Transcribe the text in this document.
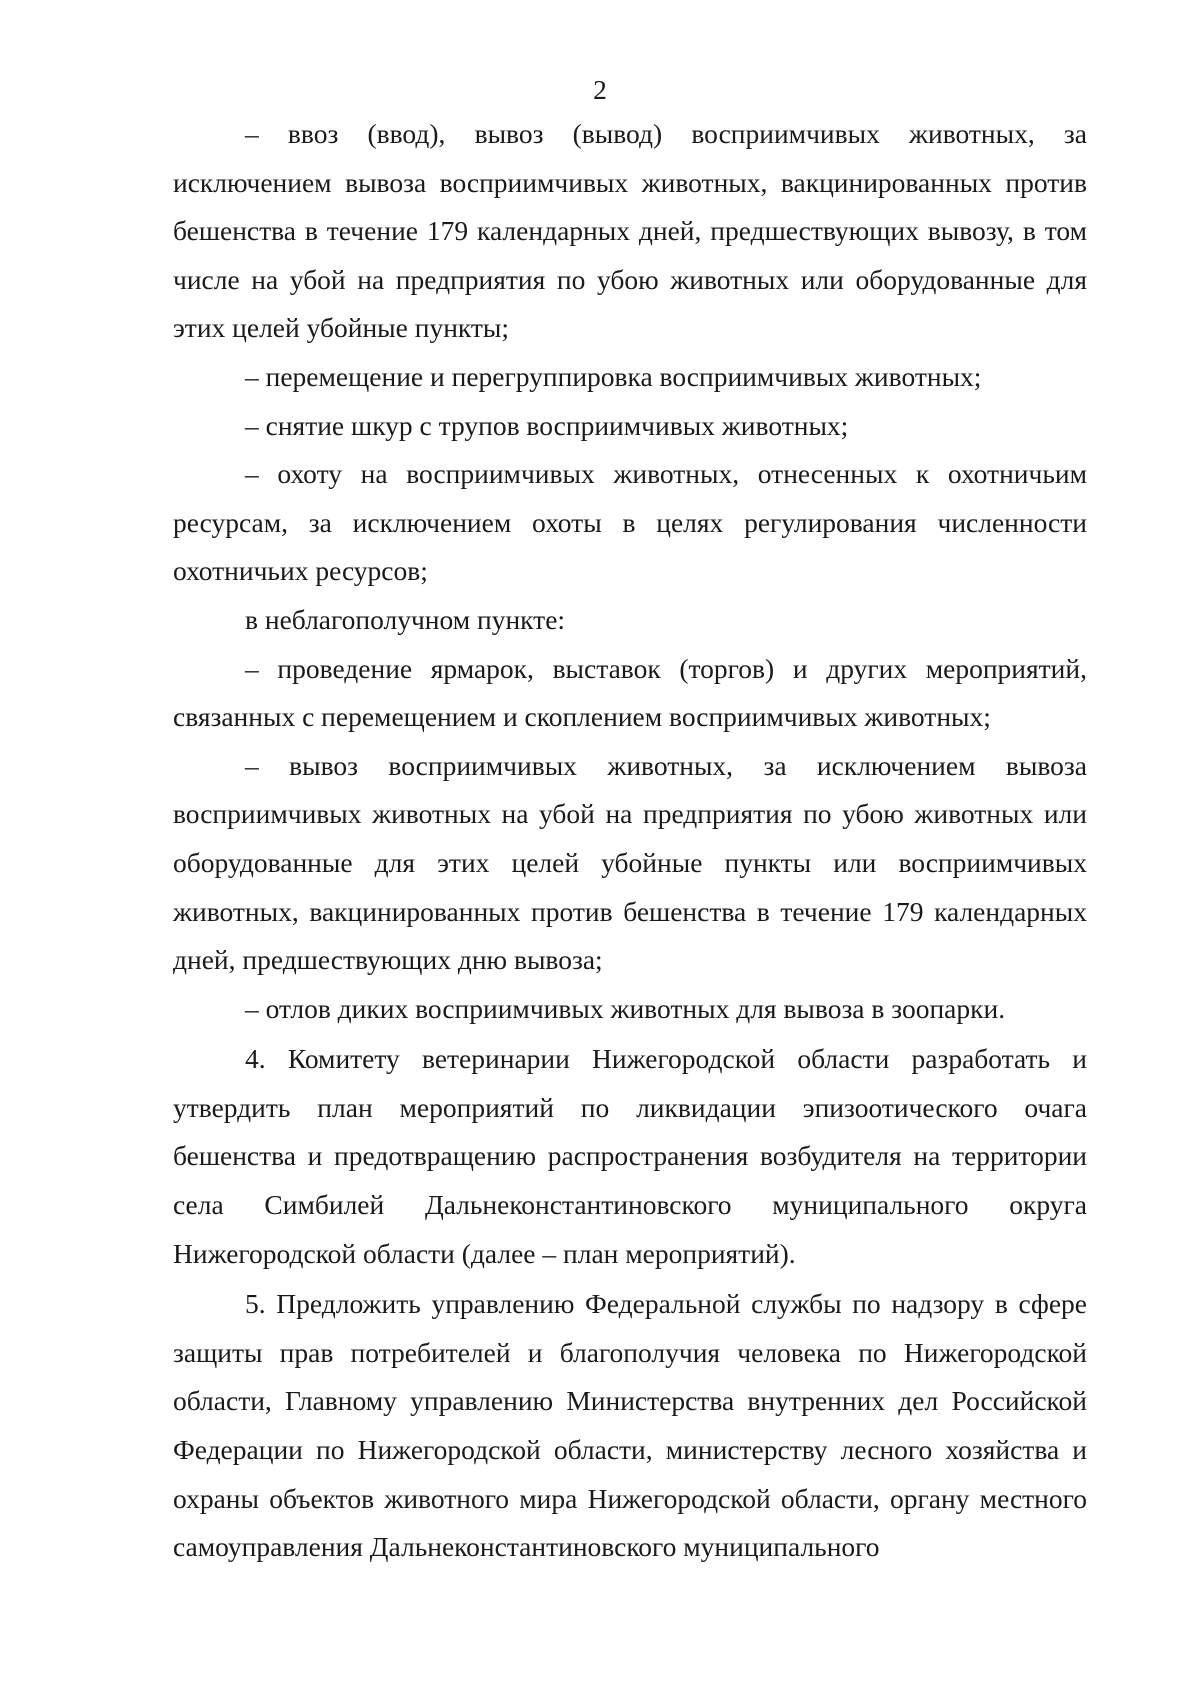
2

– ввоз (ввод), вывоз (вывод) восприимчивых животных, за исключением вывоза восприимчивых животных, вакцинированных против бешенства в течение 179 календарных дней, предшествующих вывозу, в том числе на убой на предприятия по убою животных или оборудованные для этих целей убойные пункты;

– перемещение и перегруппировка восприимчивых животных;

– снятие шкур с трупов восприимчивых животных;

– охоту на восприимчивых животных, отнесенных к охотничьим ресурсам, за исключением охоты в целях регулирования численности охотничьих ресурсов;

в неблагополучном пункте:

– проведение ярмарок, выставок (торгов) и других мероприятий, связанных с перемещением и скоплением восприимчивых животных;

– вывоз восприимчивых животных, за исключением вывоза восприимчивых животных на убой на предприятия по убою животных или оборудованные для этих целей убойные пункты или восприимчивых животных, вакцинированных против бешенства в течение 179 календарных дней, предшествующих дню вывоза;

– отлов диких восприимчивых животных для вывоза в зоопарки.

4. Комитету ветеринарии Нижегородской области разработать и утвердить план мероприятий по ликвидации эпизоотического очага бешенства и предотвращению распространения возбудителя на территории села Симбилей Дальнеконстантиновского муниципального округа Нижегородской области (далее – план мероприятий).

5. Предложить управлению Федеральной службы по надзору в сфере защиты прав потребителей и благополучия человека по Нижегородской области, Главному управлению Министерства внутренних дел Российской Федерации по Нижегородской области, министерству лесного хозяйства и охраны объектов животного мира Нижегородской области, органу местного самоуправления Дальнеконстантиновского муниципального
